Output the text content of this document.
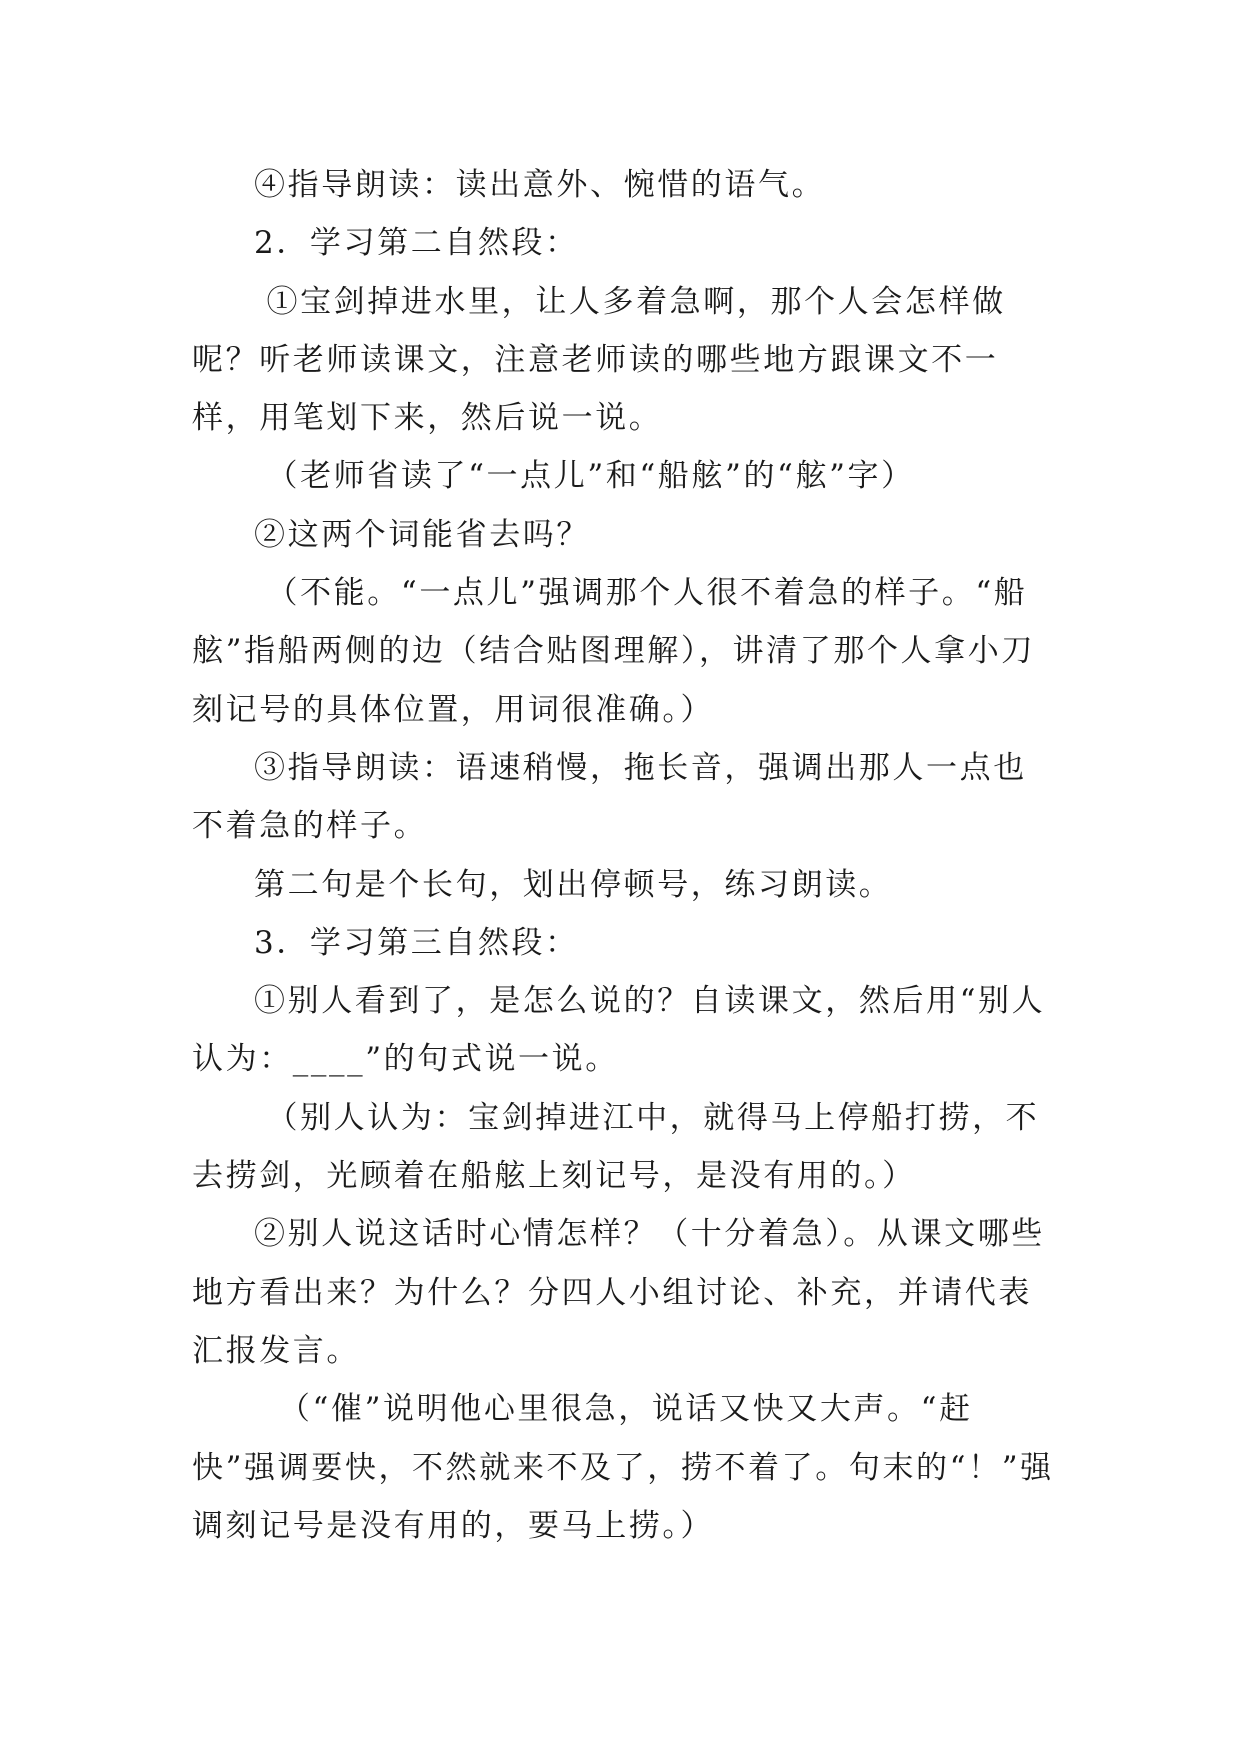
④指导朗读：读出意外、惋惜的语气。

2．学习第二自然段：

①宝剑掉进水里，让人多着急啊，那个人会怎样做呢？听老师读课文，注意老师读的哪些地方跟课文不一样，用笔划下来，然后说一说。

（老师省读了“一点儿”和“船舷”的“舷”字）

②这两个词能省去吗？

（不能。“一点儿”强调那个人很不着急的样子。“船舷”指船两侧的边（结合贴图理解），讲清了那个人拿小刀刻记号的具体位置，用词很准确。）

③指导朗读：语速稍慢，拖长音，强调出那人一点也不着急的样子。

第二句是个长句，划出停顿号，练习朗读。

3．学习第三自然段：

①别人看到了，是怎么说的？自读课文，然后用“别人认为：____”的句式说一说。

（别人认为：宝剑掉进江中，就得马上停船打捞，不去捞剑，光顾着在船舷上刻记号，是没有用的。）

②别人说这话时心情怎样？（十分着急）。从课文哪些地方看出来？为什么？分四人小组讨论、补充，并请代表汇报发言。

（“催”说明他心里很急，说话又快又大声。“赶快”强调要快，不然就来不及了，捞不着了。句末的“！”强调刻记号是没有用的，要马上捞。）
